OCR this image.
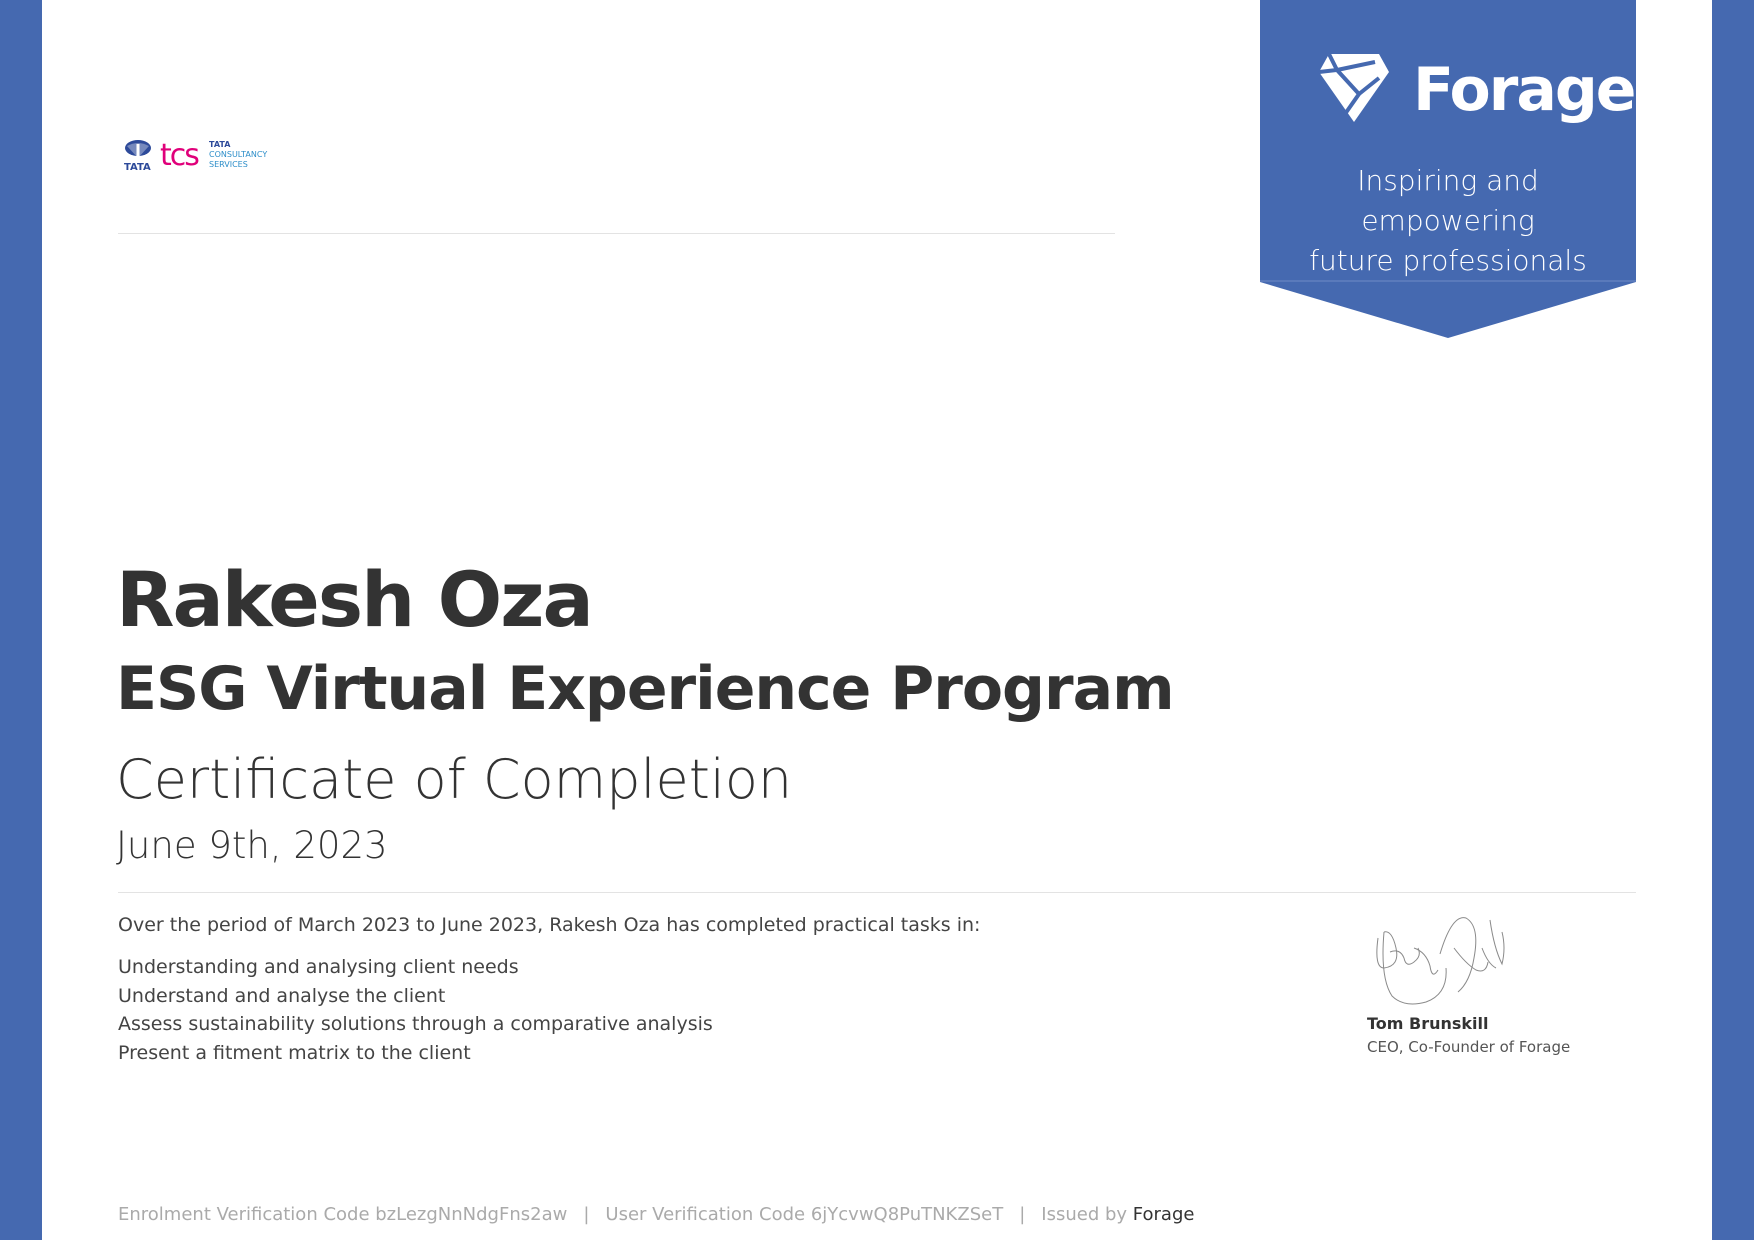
TATA tcs TATA
CONSULTANCY
SERVICES
Forage
Inspiring and
empowering
future professionals
Rakesh Oza
ESG Virtual Experience Program
Certificate of Completion
June 9th, 2023
Over the period of March 2023 to June 2023, Rakesh Oza has completed practical tasks in:
Understanding and analysing client needs
Understand and analyse the client
Assess sustainability solutions through a comparative analysis
Present a fitment matrix to the client
Tom Brunskill
CEO, Co-Founder of Forage
Enrolment Verification Code bzLezgNnNdgFns2aw | User Verification Code 6jYcvwQ8PuTNKZSeT | Issued by Forage
